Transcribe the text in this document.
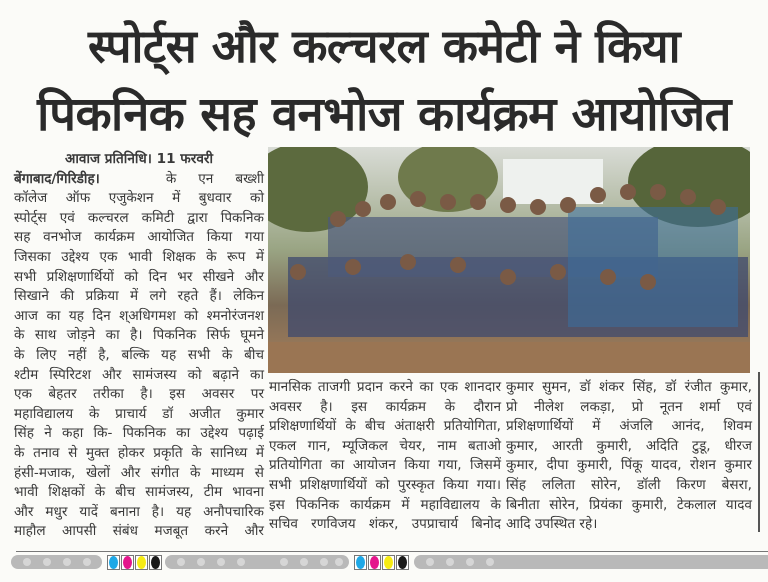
स्पोर्ट्स और कल्चरल कमेटी ने किया
पिकनिक सह वनभोज कार्यक्रम आयोजित

आवाज प्रतिनिधि। 11 फरवरी

बेंगाबाद/गिरिडीह।	के एन बख्शी

कॉलेज ऑफ एजुकेशन में बुधवार को

स्पोर्ट्स एवं कल्चरल कमिटी द्वारा पिकनिक

सह वनभोज कार्यक्रम आयोजित किया गया

जिसका उद्देश्य एक भावी शिक्षक के रूप में

सभी प्रशिक्षणार्थियों को दिन भर सीखने और

सिखाने की प्रक्रिया में लगे रहते हैं। लेकिन

आज का यह दिन श्अधिगमश को श्मनोरंजनश

के साथ जोड़ने का है। पिकनिक सिर्फ घूमने

के लिए नहीं है, बल्कि यह सभी के बीच

श्टीम स्पिरिटश और सामंजस्य को बढ़ाने का

एक बेहतर तरीका है। इस अवसर पर

महाविद्यालय के प्राचार्य डॉ अजीत कुमार

सिंह ने कहा कि- पिकनिक का उद्देश्य पढ़ाई

के तनाव से मुक्त होकर प्रकृति के सानिध्य में

हंसी-मजाक, खेलों और संगीत के माध्यम से

भावी शिक्षकों के बीच सामंजस्य, टीम भावना

और मधुर यादें बनाना है। यह अनौपचारिक

माहौल आपसी संबंध मजबूत करने और

मानसिक ताजगी प्रदान करने का एक शानदार

अवसर है। इस कार्यक्रम के दौरान

प्रशिक्षणार्थियों के बीच अंताक्षरी प्रतियोगिता,

एकल गान, म्यूजिकल चेयर, नाम बताओ

प्रतियोगिता का आयोजन किया गया, जिसमें

सभी प्रशिक्षणार्थियों को पुरस्कृत किया गया।

इस पिकनिक कार्यक्रम में महाविद्यालय के

सचिव रणविजय शंकर, उपप्राचार्य बिनोद

कुमार सुमन, डॉ शंकर सिंह, डॉ रंजीत कुमार,

प्रो नीलेश लकड़ा, प्रो नूतन शर्मा एवं

प्रशिक्षणार्थियों में अंजलि आनंद, शिवम

कुमार, आरती कुमारी, अदिति टुडू, धीरज

कुमार, दीपा कुमारी, पिंकू यादव, रोशन कुमार

सिंह ललिता सोरेन, डॉली किरण बेसरा,

बिनीता सोरेन, प्रियंका कुमारी, टेकलाल यादव

आदि उपस्थित रहे।
